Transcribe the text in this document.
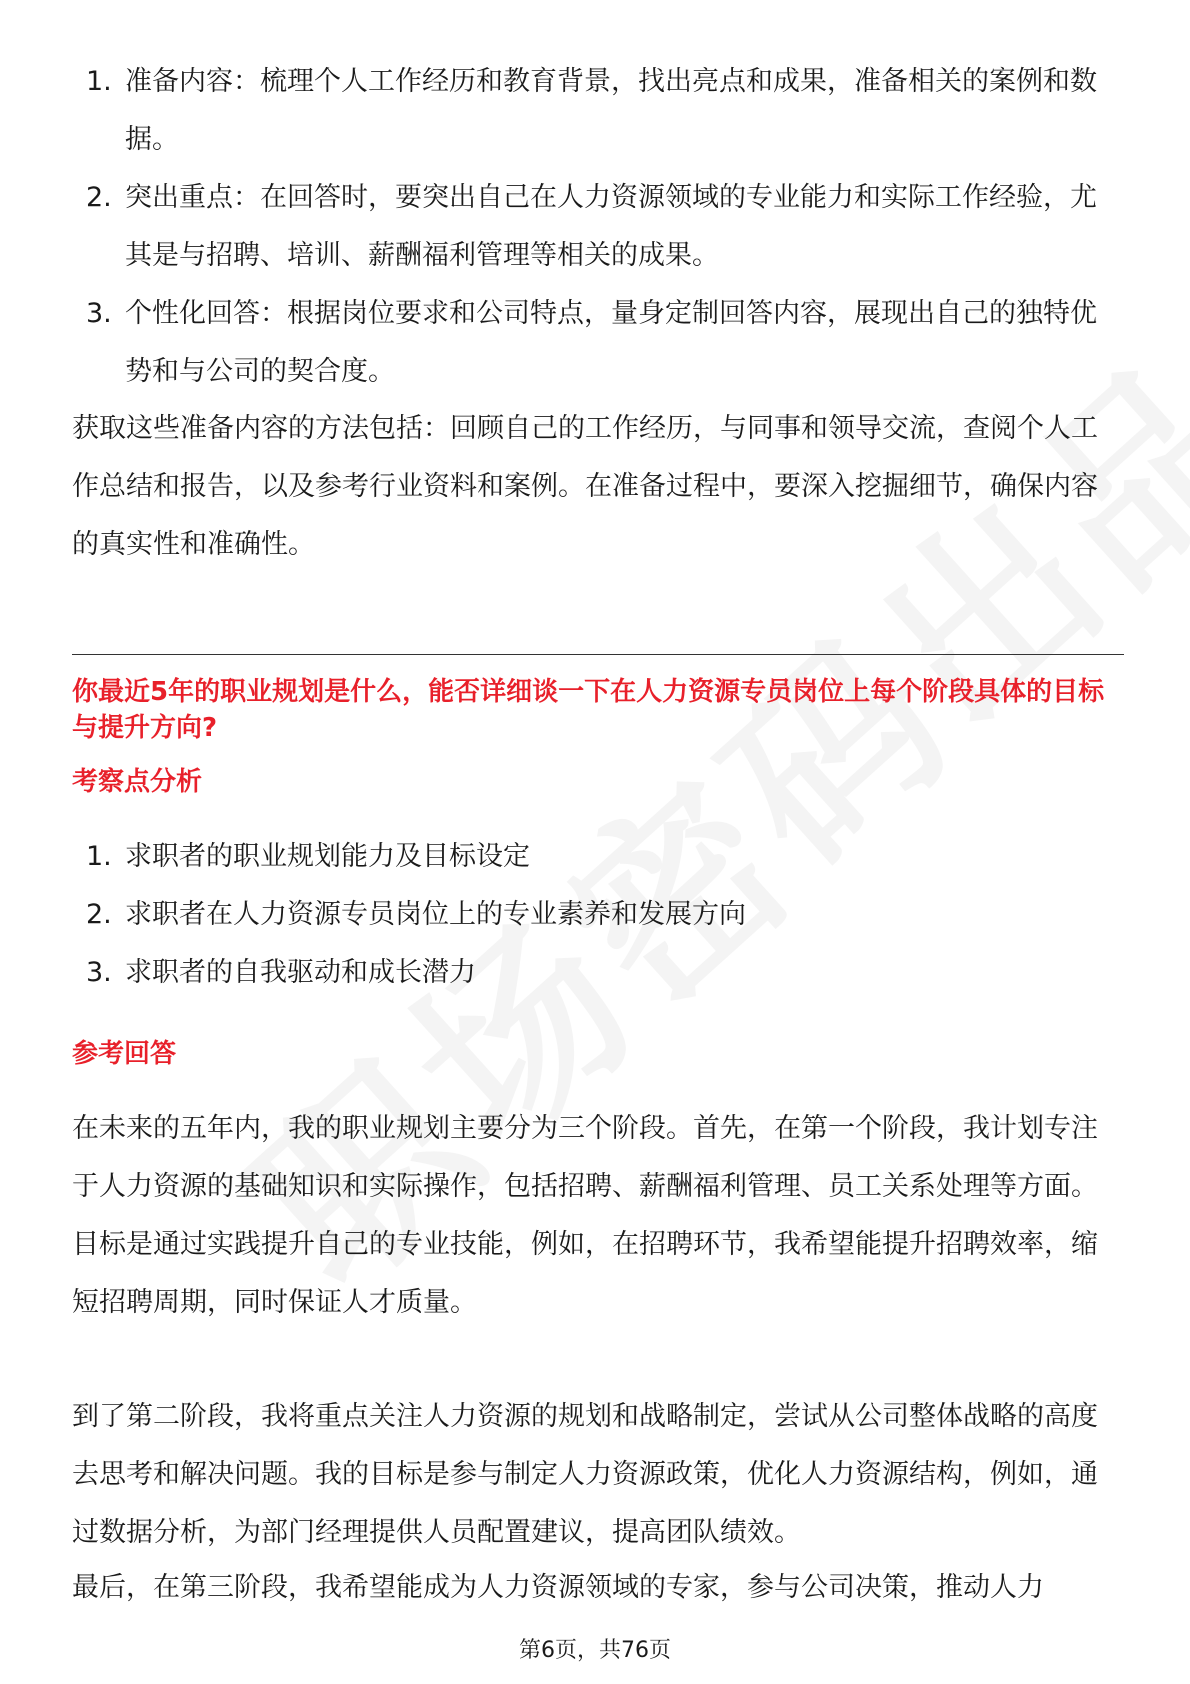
1. 准备内容：梳理个人工作经历和教育背景，找出亮点和成果，准备相关的案例和数据。
2. 突出重点：在回答时，要突出自己在人力资源领域的专业能力和实际工作经验，尤其是与招聘、培训、薪酬福利管理等相关的成果。
3. 个性化回答：根据岗位要求和公司特点，量身定制回答内容，展现出自己的独特优势和与公司的契合度。
获取这些准备内容的方法包括：回顾自己的工作经历，与同事和领导交流，查阅个人工作总结和报告，以及参考行业资料和案例。在准备过程中，要深入挖掘细节，确保内容的真实性和准确性。
你最近5年的职业规划是什么，能否详细谈一下在人力资源专员岗位上每个阶段具体的目标与提升方向?
考察点分析
1. 求职者的职业规划能力及目标设定
2. 求职者在人力资源专员岗位上的专业素养和发展方向
3. 求职者的自我驱动和成长潜力
参考回答
在未来的五年内，我的职业规划主要分为三个阶段。首先，在第一个阶段，我计划专注于人力资源的基础知识和实际操作，包括招聘、薪酬福利管理、员工关系处理等方面。目标是通过实践提升自己的专业技能，例如，在招聘环节，我希望能提升招聘效率，缩短招聘周期，同时保证人才质量。
到了第二阶段，我将重点关注人力资源的规划和战略制定，尝试从公司整体战略的高度去思考和解决问题。我的目标是参与制定人力资源政策，优化人力资源结构，例如，通过数据分析，为部门经理提供人员配置建议，提高团队绩效。
最后，在第三阶段，我希望能成为人力资源领域的专家，参与公司决策，推动人力
第6页，共76页
